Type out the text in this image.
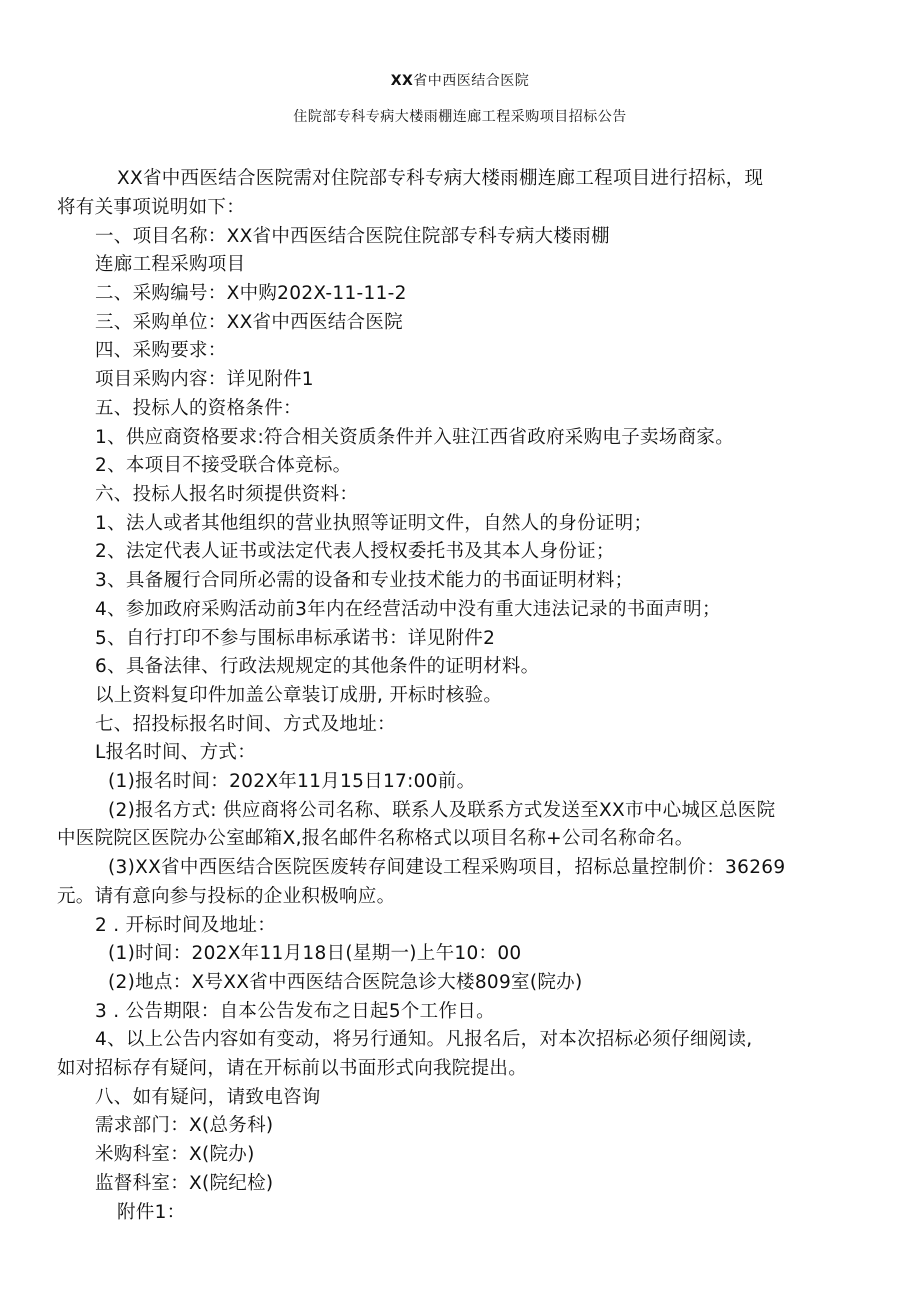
XX省中西医结合医院
住院部专科专病大楼雨棚连廊工程采购项目招标公告
XX省中西医结合医院需对住院部专科专病大楼雨棚连廊工程项目进行招标，现
将有关事项说明如下：
一、项目名称：XX省中西医结合医院住院部专科专病大楼雨棚
连廊工程采购项目
二、采购编号：X中购202X-11-11-2
三、采购单位：XX省中西医结合医院
四、采购要求：
项目采购内容：详见附件1
五、投标人的资格条件：
1、供应商资格要求:符合相关资质条件并入驻江西省政府采购电子卖场商家。
2、本项目不接受联合体竞标。
六、投标人报名时须提供资料：
1、法人或者其他组织的营业执照等证明文件，自然人的身份证明；
2、法定代表人证书或法定代表人授权委托书及其本人身份证；
3、具备履行合同所必需的设备和专业技术能力的书面证明材料；
4、参加政府采购活动前3年内在经营活动中没有重大违法记录的书面声明；
5、自行打印不参与围标串标承诺书：详见附件2
6、具备法律、行政法规规定的其他条件的证明材料。
以上资料复印件加盖公章装订成册, 开标时核验。
七、招投标报名时间、方式及地址：
L报名时间、方式：
(1)报名时间：202X年11月15日17:00前。
(2)报名方式: 供应商将公司名称、联系人及联系方式发送至XX市中心城区总医院
中医院院区医院办公室邮箱X,报名邮件名称格式以项目名称+公司名称命名。
(3)XX省中西医结合医院医废转存间建设工程采购项目，招标总量控制价：36269
元。请有意向参与投标的企业积极响应。
2 . 开标时间及地址：
(1)时间：202X年11月18日(星期一)上午10：00
(2)地点：X号XX省中西医结合医院急诊大楼809室(院办)
3 . 公告期限：自本公告发布之日起5个工作日。
4、以上公告内容如有变动，将另行通知。凡报名后，对本次招标必须仔细阅读,
如对招标存有疑问，请在开标前以书面形式向我院提出。
八、如有疑问，请致电咨询
需求部门：X(总务科)
米购科室：X(院办)
监督科室：X(院纪检)
附件1：
